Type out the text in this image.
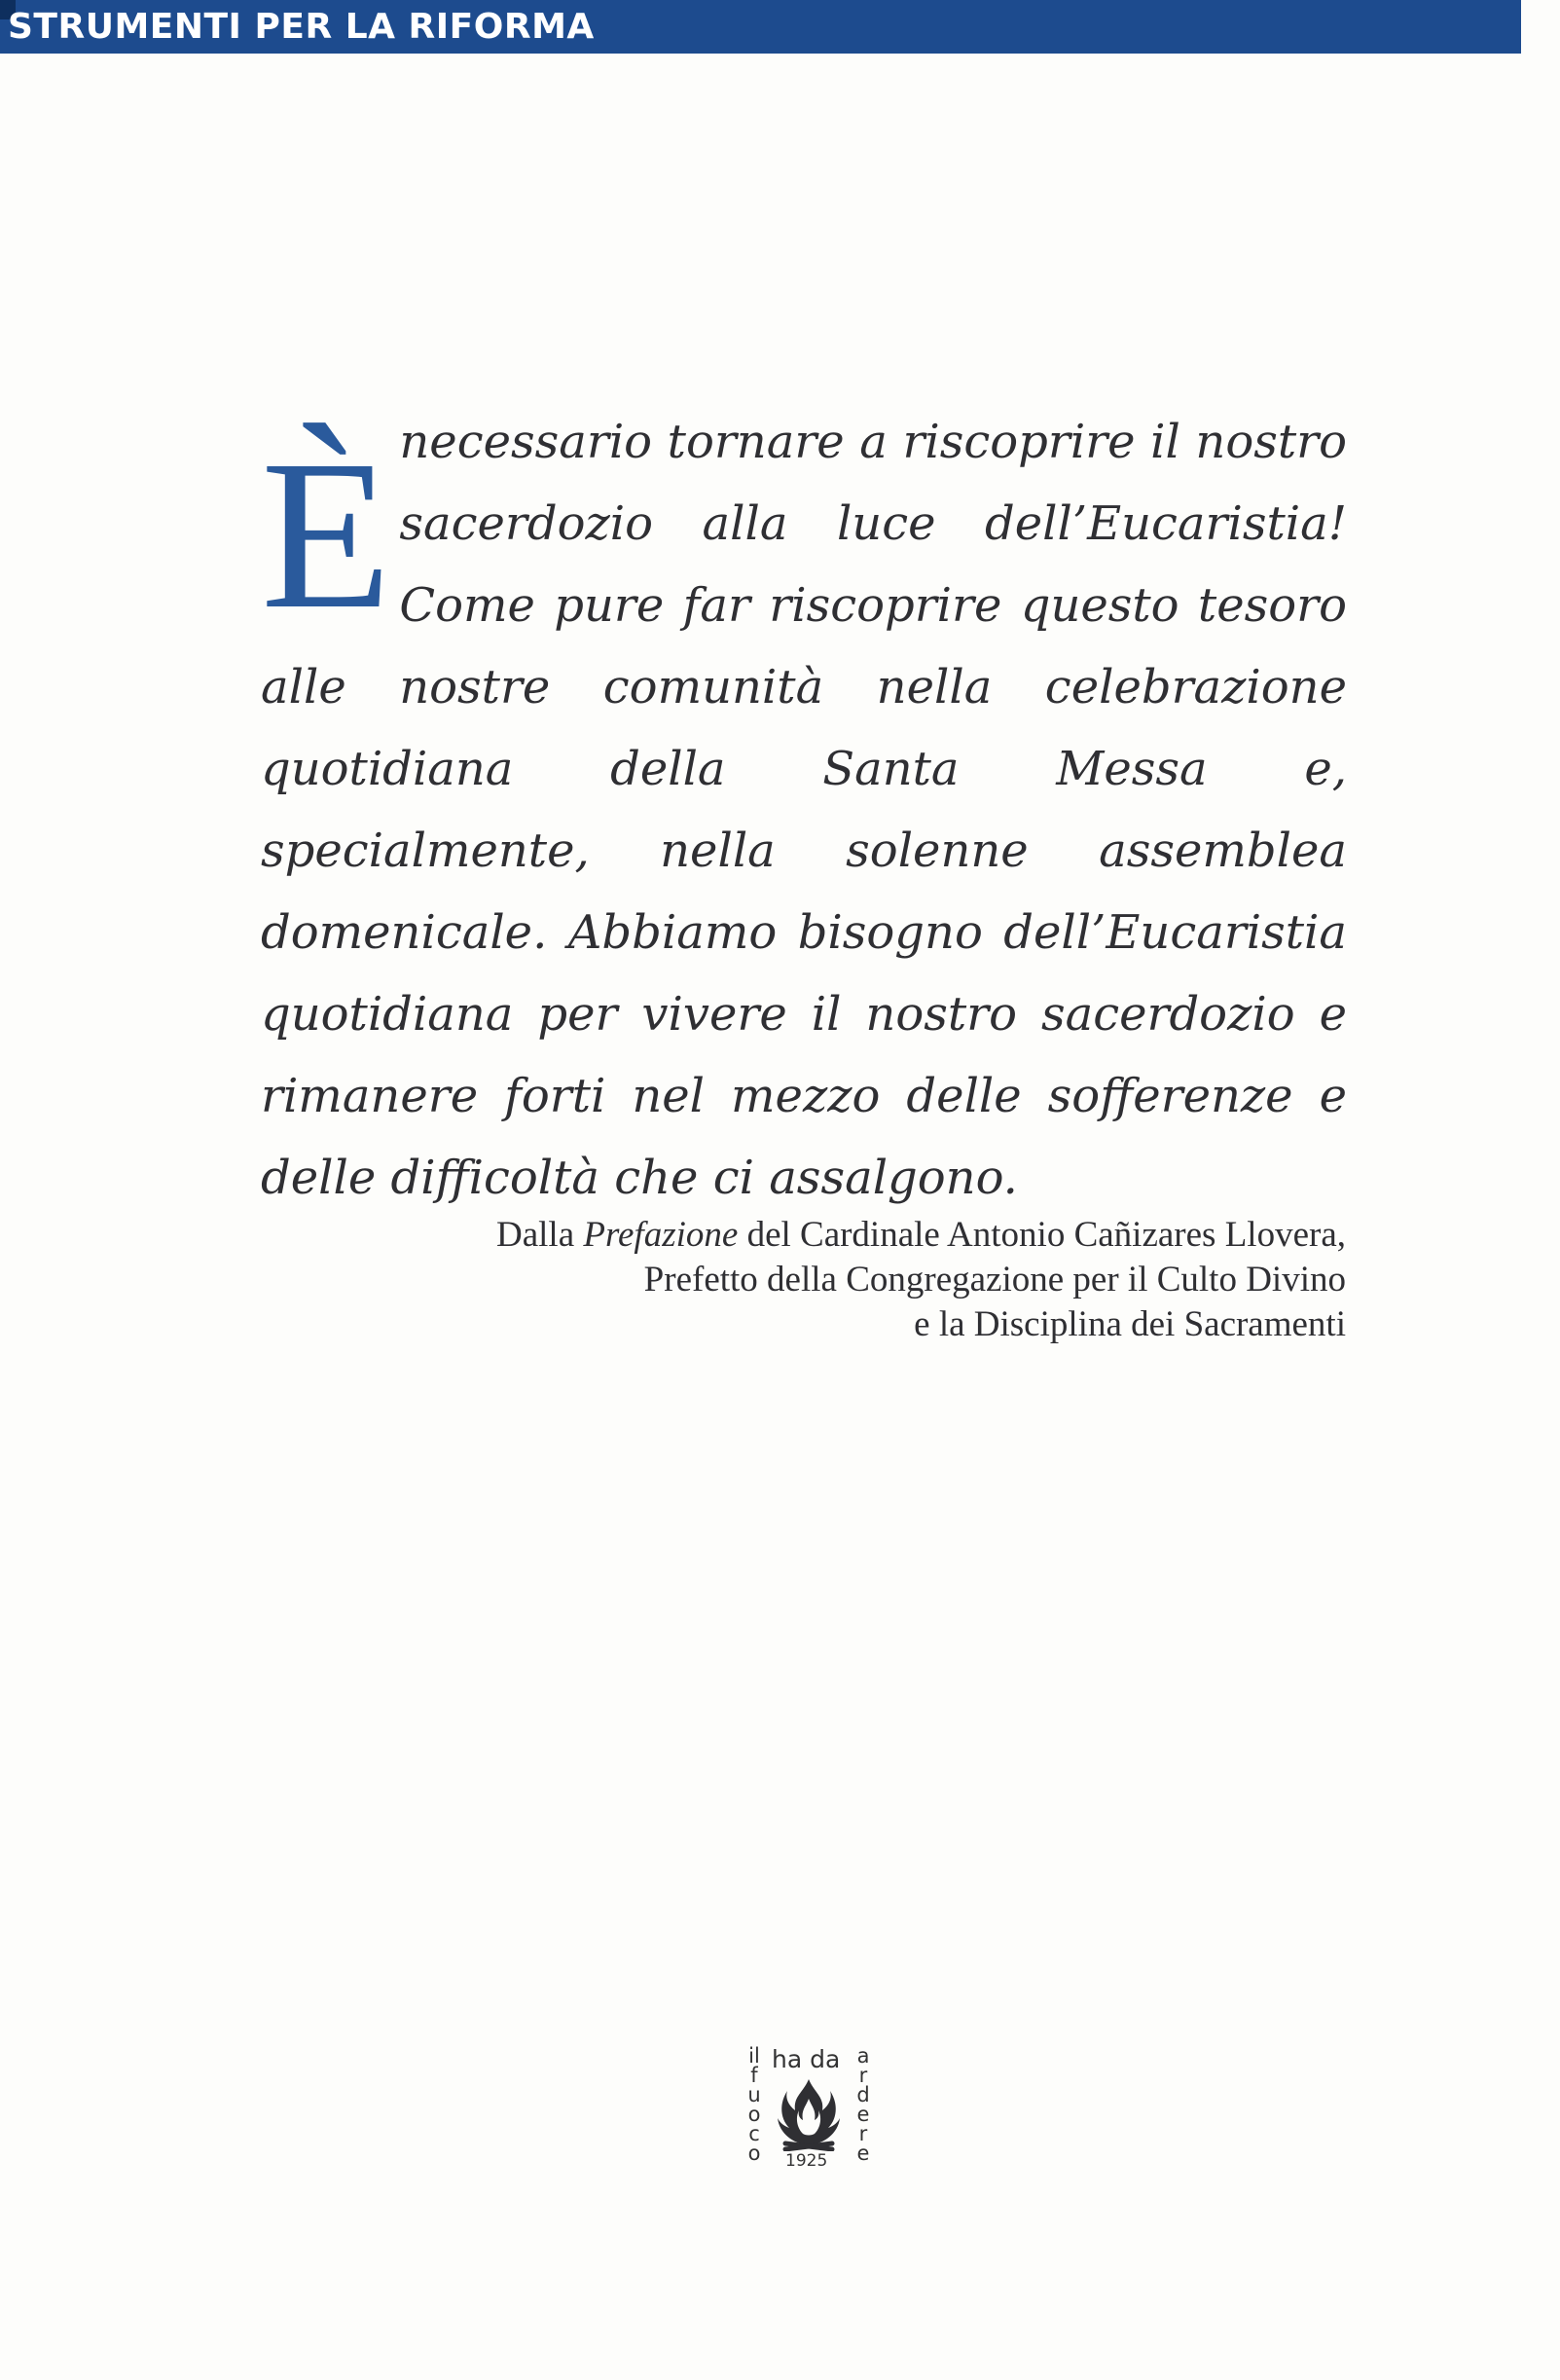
STRUMENTI PER LA RIFORMA
È necessario tornare a riscoprire il nostro sacerdozio alla luce dell’Eucaristia! Come pure far riscoprire questo tesoro alle nostre comunità nella celebrazione quotidiana della Santa Messa e, specialmente, nella solenne assemblea domenicale. Abbiamo bisogno dell’Eucaristia quotidiana per vivere il nostro sacerdozio e rimanere forti nel mezzo delle sofferenze e delle difficoltà che ci assalgono.

Dalla Prefazione del Cardinale Antonio Cañizares Llovera,
Prefetto della Congregazione per il Culto Divino
e la Disciplina dei Sacramenti
il fuoco
ha da ardere
1925
